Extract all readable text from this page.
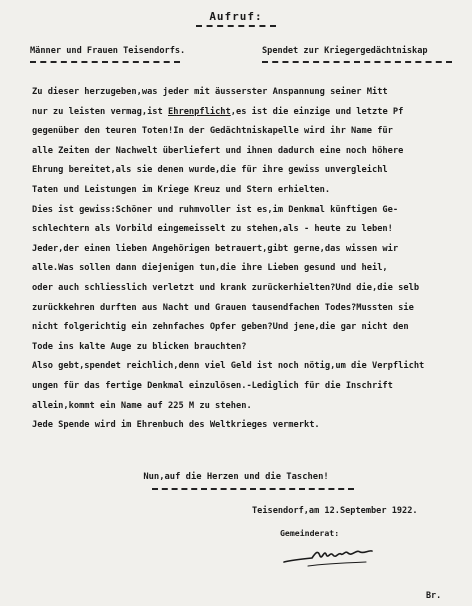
Aufruf:
Männer und Frauen Teisendorfs.	Spendet zur Kriegergedächtniskap
Zu dieser herzugeben,was jeder mit äusserster Anspannung seiner Mitt
nur zu leisten vermag,ist Ehrenpflicht,es ist die einzige und letzte Pf
gegenüber den teuren Toten!In der Gedächtniskapelle wird ihr Name für
alle Zeiten der Nachwelt überliefert und ihnen dadurch eine noch höhere
Ehrung bereitet,als sie denen wurde,die für ihre gewiss unvergleichl
Taten und Leistungen im Kriege Kreuz und Stern erhielten.
Dies ist gewiss:Schöner und ruhmvoller ist es,im Denkmal künftigen Ge-
schlechtern als Vorbild eingemeisselt zu stehen,als - heute zu leben!
Jeder,der einen lieben Angehörigen betrauert,gibt gerne,das wissen wir
alle.Was sollen dann diejenigen tun,die ihre Lieben gesund und heil,
oder auch schliesslich verletzt und krank zurückerhielten?Und die,die selb
zurückkehren durften aus Nacht und Grauen tausendfachen Todes?Mussten sie
nicht folgerichtig ein zehnfaches Opfer geben?Und jene,die gar nicht den
Tode ins kalte Auge zu blicken brauchten?
Also gebt,spendet reichlich,denn viel Geld ist noch nötig,um die Verpflicht
ungen für das fertige Denkmal einzulösen.-Lediglich für die Inschrift
allein,kommt ein Name auf 225 M zu stehen.
Jede Spende wird im Ehrenbuch des Weltkrieges vermerkt.
Nun,auf die Herzen und die Taschen!
Teisendorf,am 12.September 1922.
Gemeinderat:
Br.
